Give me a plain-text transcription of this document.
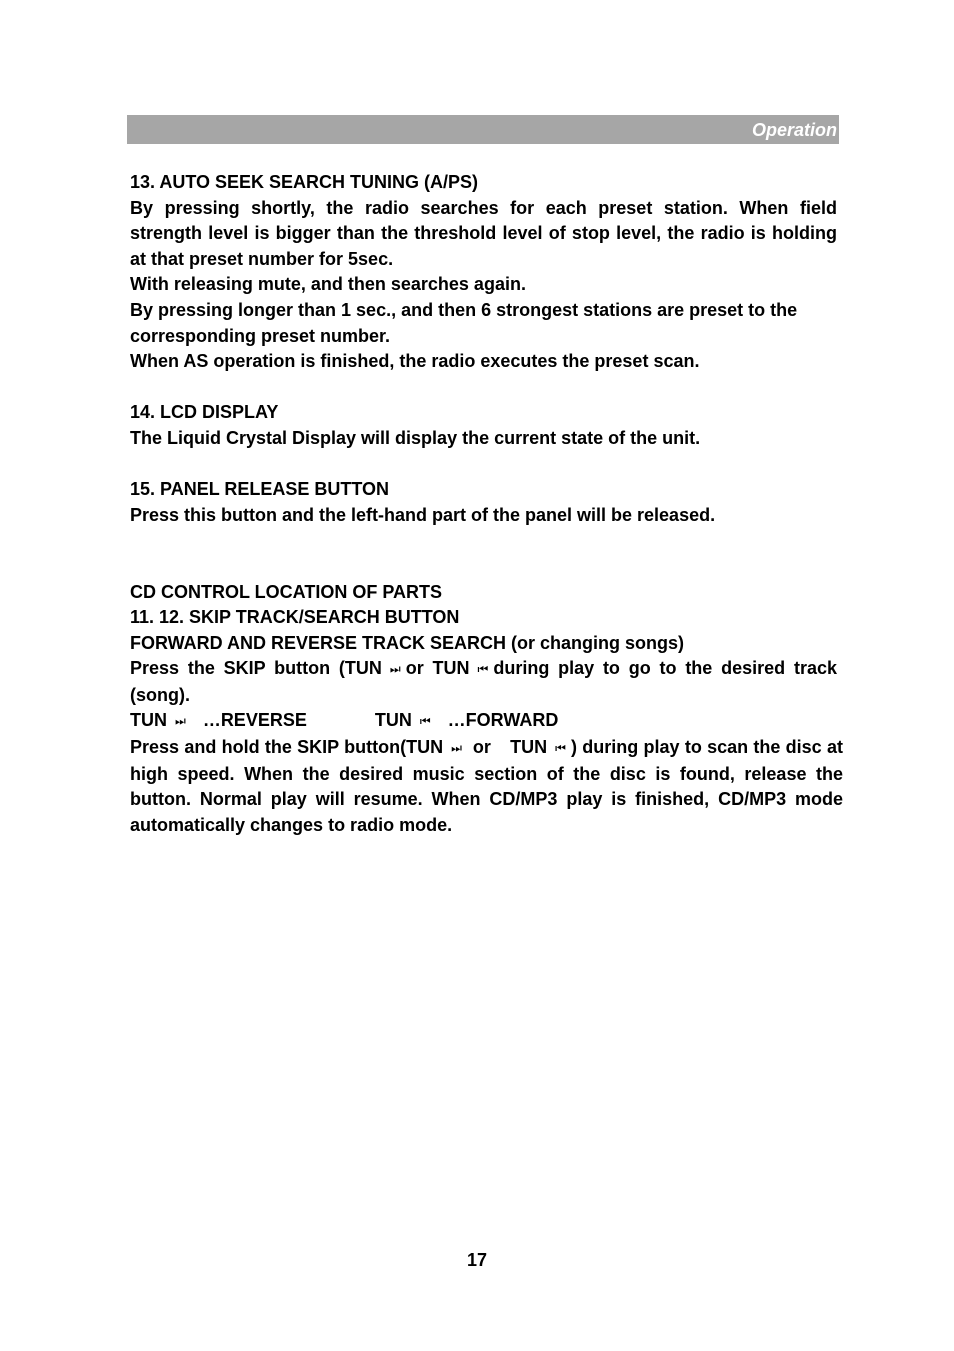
Operation

13. AUTO SEEK SEARCH TUNING (A/PS)

By pressing shortly, the radio searches for each preset station. When field strength level is bigger than the threshold level of stop level, the radio is holding at that preset number for 5sec.

With releasing mute, and then searches again.

By pressing longer than 1 sec., and then 6 strongest stations are preset to the corresponding preset number.

When AS operation is finished, the radio executes the preset scan.

14. LCD DISPLAY

The Liquid Crystal Display will display the current state of the unit.

15. PANEL RELEASE BUTTON

Press this button and the left-hand part of the panel will be released.

CD CONTROL LOCATION OF PARTS

11. 12. SKIP TRACK/SEARCH BUTTON

FORWARD AND REVERSE TRACK SEARCH (or changing songs)

Press the SKIP button (TUN ⏭ or TUN ⏮ during play to go to the desired track (song).

TUN ⏭ …REVERSE	TUN ⏮ …FORWARD

Press and hold the SKIP button(TUN ⏭ or TUN ⏮ ) during play to scan the disc at high speed. When the desired music section of the disc is found, release the button. Normal play will resume. When CD/MP3 play is finished, CD/MP3 mode automatically changes to radio mode.

17
